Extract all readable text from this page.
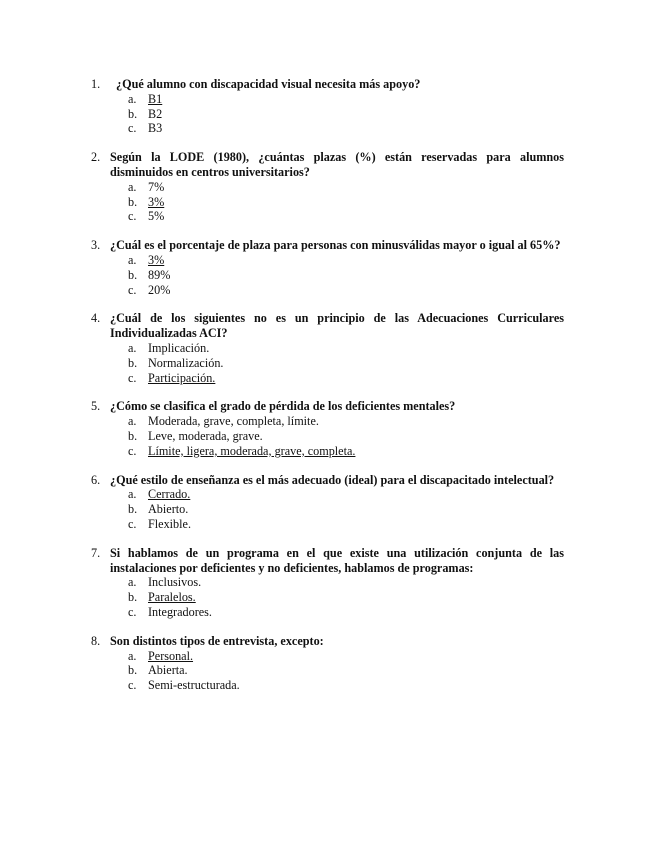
1.	¿Qué alumno con discapacidad visual necesita más apoyo?
a. B1
b. B2
c. B3
2. Según la LODE (1980), ¿cuántas plazas (%) están reservadas para alumnos disminuidos en centros universitarios?
a. 7%
b. 3%
c. 5%
3. ¿Cuál es el porcentaje de plaza para personas con minusválidas mayor o igual al 65%?
a. 3%
b. 89%
c. 20%
4. ¿Cuál de los siguientes no es un principio de las Adecuaciones Curriculares Individualizadas ACI?
a. Implicación.
b. Normalización.
c. Participación.
5. ¿Cómo se clasifica el grado de pérdida de los deficientes mentales?
a. Moderada, grave, completa, límite.
b. Leve, moderada, grave.
c. Límite, ligera, moderada, grave, completa.
6. ¿Qué estilo de enseñanza es el más adecuado (ideal) para el discapacitado intelectual?
a. Cerrado.
b. Abierto.
c. Flexible.
7. Si hablamos de un programa en el que existe una utilización conjunta de las instalaciones por deficientes y no deficientes, hablamos de programas:
a. Inclusivos.
b. Paralelos.
c. Integradores.
8. Son distintos tipos de entrevista, excepto:
a. Personal.
b. Abierta.
c. Semi-estructurada.
